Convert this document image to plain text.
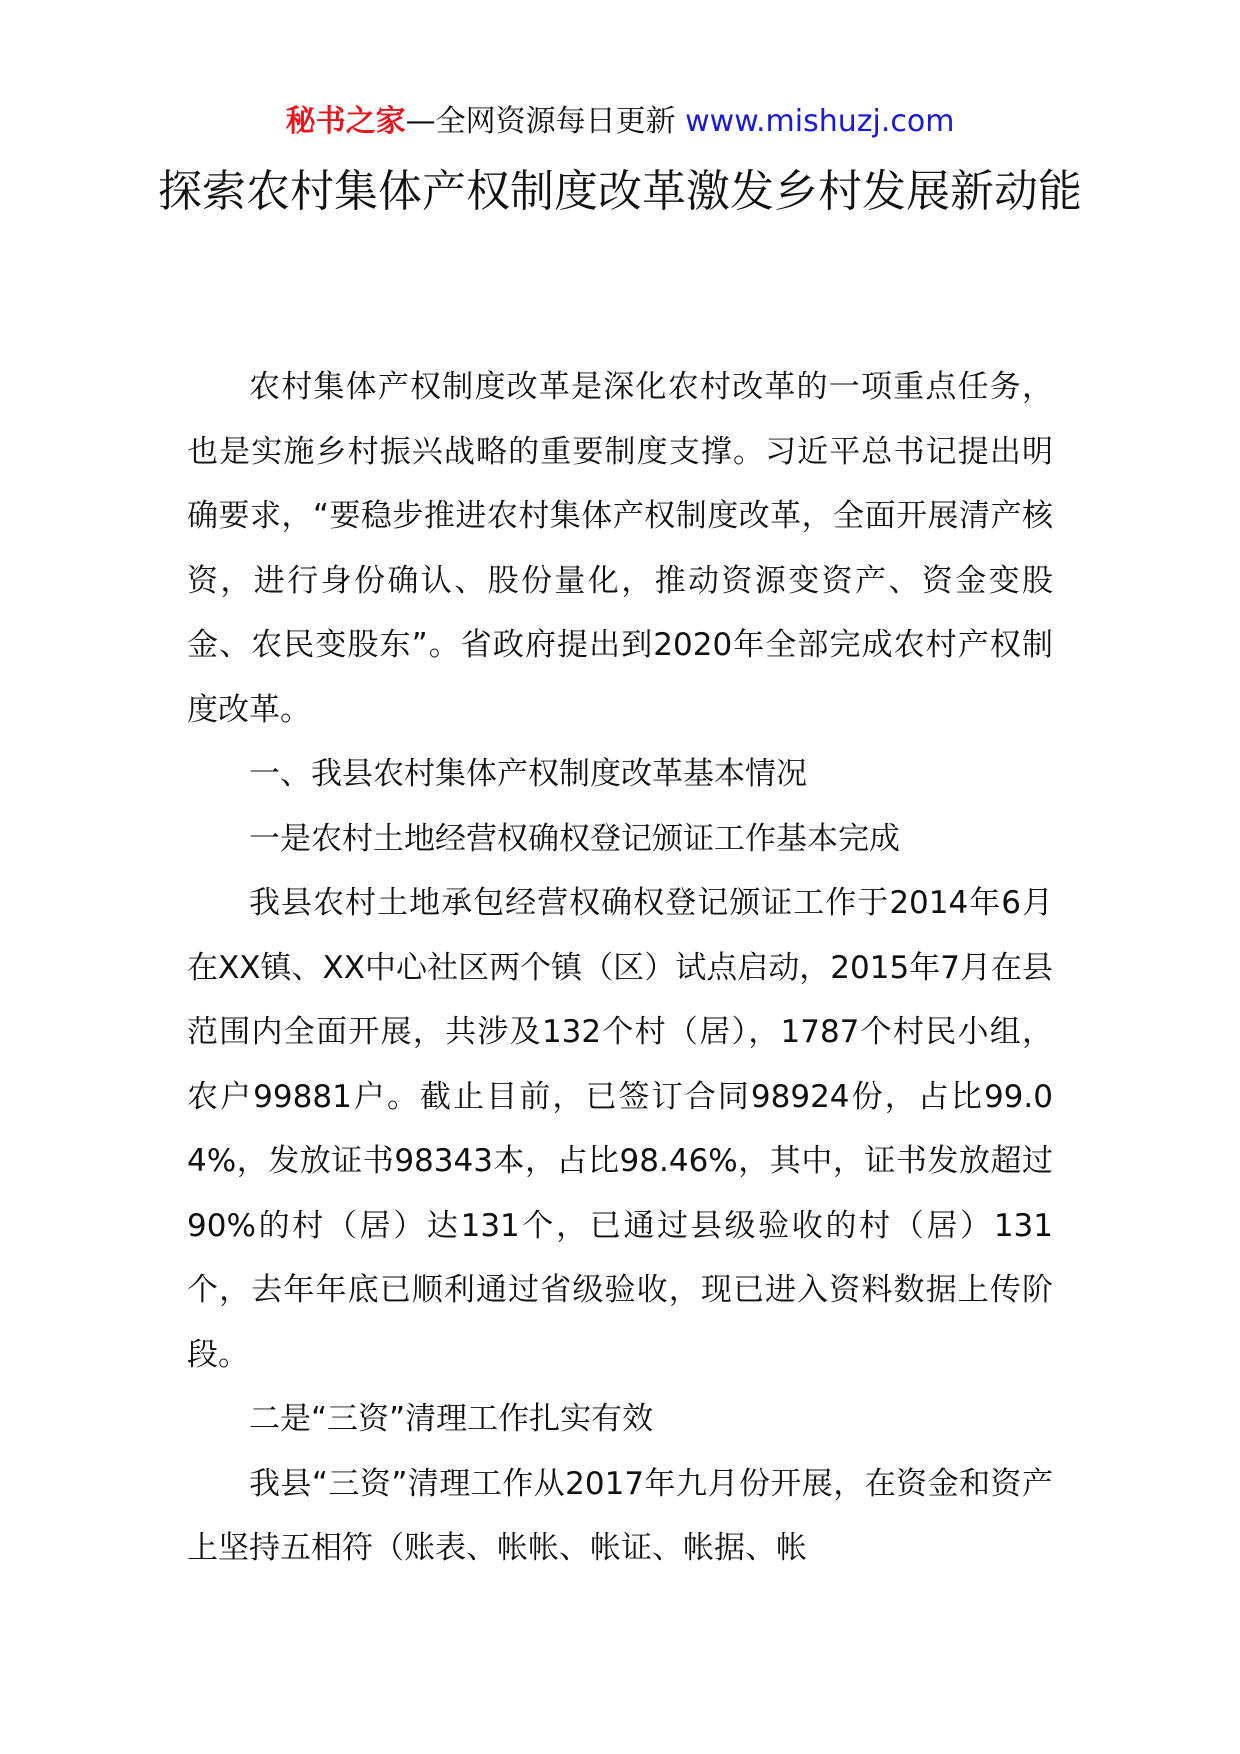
秘书之家—全网资源每日更新 www.mishuzj.com
探索农村集体产权制度改革激发乡村发展新动能

农村集体产权制度改革是深化农村改革的一项重点任务，也是实施乡村振兴战略的重要制度支撑。习近平总书记提出明确要求，“要稳步推进农村集体产权制度改革，全面开展清产核资，进行身份确认、股份量化，推动资源变资产、资金变股金、农民变股东”。省政府提出到2020年全部完成农村产权制度改革。

一、我县农村集体产权制度改革基本情况

一是农村土地经营权确权登记颁证工作基本完成

我县农村土地承包经营权确权登记颁证工作于2014年6月在XX镇、XX中心社区两个镇（区）试点启动，2015年7月在县范围内全面开展，共涉及132个村（居），1787个村民小组，农户99881户。截止目前，已签订合同98924份，占比99.04%，发放证书98343本，占比98.46%，其中，证书发放超过90%的村（居）达131个，已通过县级验收的村（居）131个，去年年底已顺利通过省级验收，现已进入资料数据上传阶段。

二是“三资”清理工作扎实有效

我县“三资”清理工作从2017年九月份开展，在资金和资产上坚持五相符（账表、帐帐、帐证、帐据、帐
